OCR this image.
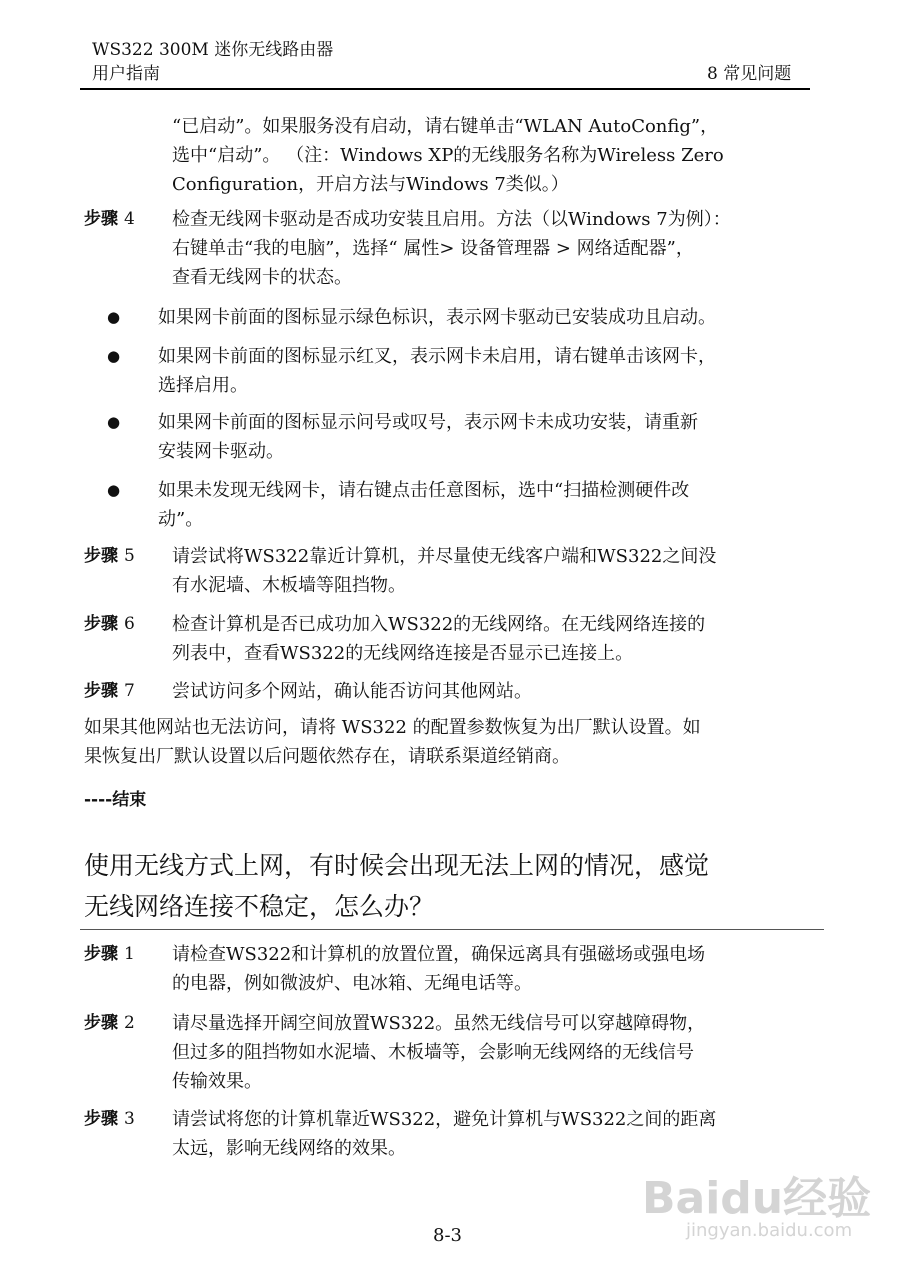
WS322 300M 迷你无线路由器
用户指南	8 常见问题
“已启动”。如果服务没有启动，请右键单击“WLAN AutoConfig”，
选中“启动”。 （注：Windows XP的无线服务名称为Wireless Zero
Configuration，开启方法与Windows 7类似。）
步骤 4 检查无线网卡驱动是否成功安装且启用。方法（以Windows 7为例）：
右键单击“我的电脑”，选择“ 属性> 设备管理器 > 网络适配器”，
查看无线网卡的状态。
● 如果网卡前面的图标显示绿色标识，表示网卡驱动已安装成功且启动。
● 如果网卡前面的图标显示红叉，表示网卡未启用，请右键单击该网卡，
选择启用。
● 如果网卡前面的图标显示问号或叹号，表示网卡未成功安装，请重新
安装网卡驱动。
● 如果未发现无线网卡，请右键点击任意图标，选中“扫描检测硬件改
动”。
步骤 5 请尝试将WS322靠近计算机，并尽量使无线客户端和WS322之间没
有水泥墙、木板墙等阻挡物。
步骤 6 检查计算机是否已成功加入WS322的无线网络。在无线网络连接的
列表中，查看WS322的无线网络连接是否显示已连接上。
步骤 7 尝试访问多个网站，确认能否访问其他网站。
如果其他网站也无法访问，请将 WS322 的配置参数恢复为出厂默认设置。如
果恢复出厂默认设置以后问题依然存在，请联系渠道经销商。
----结束
使用无线方式上网，有时候会出现无法上网的情况，感觉
无线网络连接不稳定，怎么办？
步骤 1 请检查WS322和计算机的放置位置，确保远离具有强磁场或强电场
的电器，例如微波炉、电冰箱、无绳电话等。
步骤 2 请尽量选择开阔空间放置WS322。虽然无线信号可以穿越障碍物，
但过多的阻挡物如水泥墙、木板墙等，会影响无线网络的无线信号
传输效果。
步骤 3 请尝试将您的计算机靠近WS322，避免计算机与WS322之间的距离
太远，影响无线网络的效果。
Baidu经验
jingyan.baidu.com
8-3
